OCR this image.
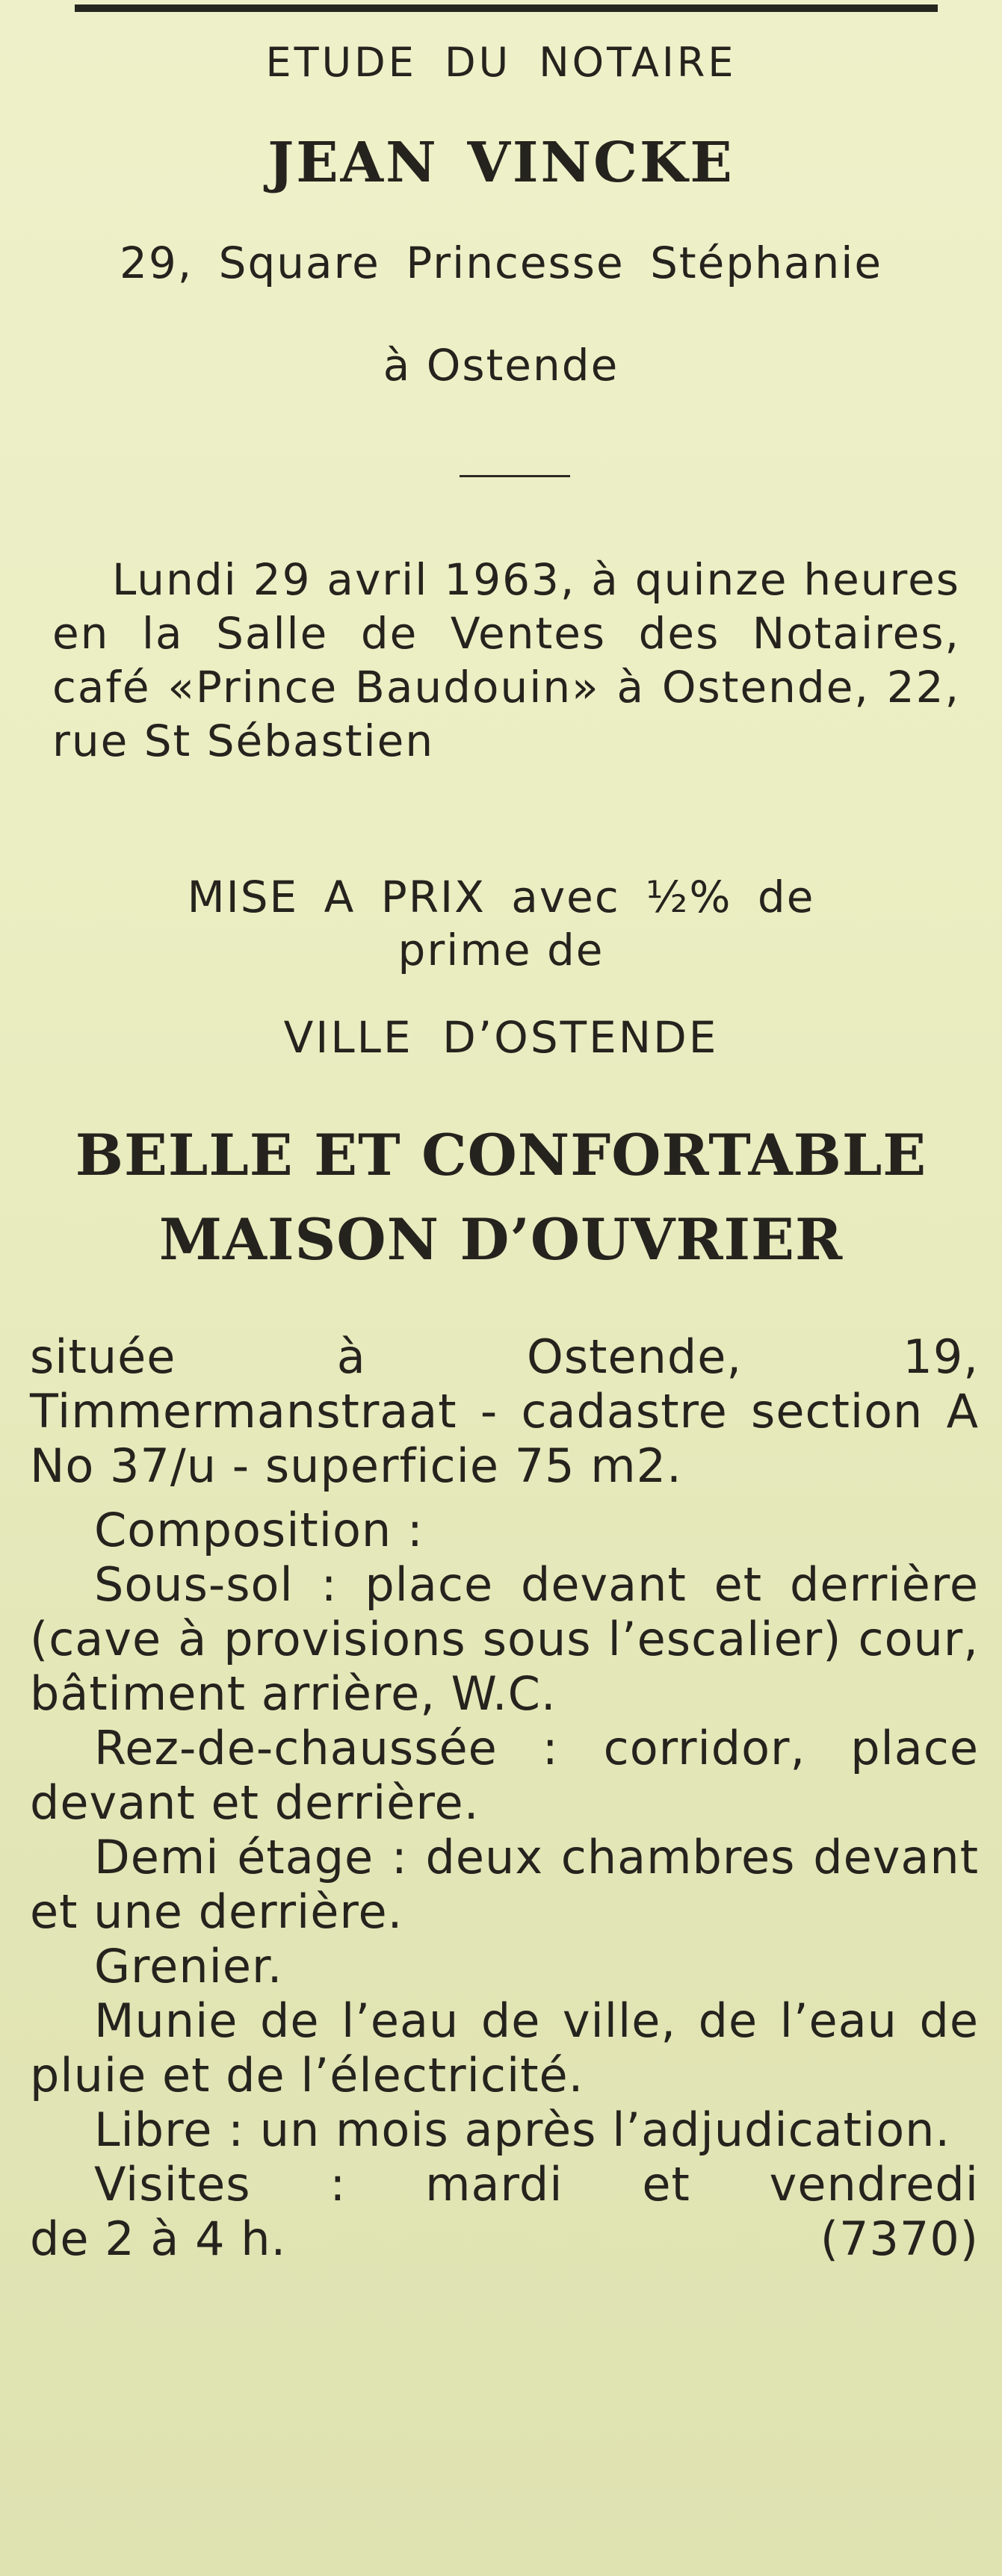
ETUDE DU NOTAIRE
JEAN VINCKE
29, Square Princesse Stéphanie
à Ostende
Lundi 29 avril 1963, à quinze heures en la Salle de Ventes des Notaires, café «Prince Baudouin» à Ostende, 22, rue St Sébastien
MISE A PRIX avec ½% de
prime de
VILLE D’OSTENDE
BELLE ET CONFORTABLE
MAISON D’OUVRIER

située à Ostende, 19, Timmermanstraat - cadastre section A No 37/u - superficie 75 m2.

Composition :

Sous-sol : place devant et derrière (cave à provisions sous l’escalier) cour, bâtiment arrière, W.C.

Rez-de-chaussée : corridor, place devant et derrière.

Demi étage : deux chambres devant et une derrière.

Grenier.

Munie de l’eau de ville, de l’eau de pluie et de l’électricité.

Libre : un mois après l’adjudication.

Visites : mardi et vendredi

de 2 à 4 h.	(7370)
